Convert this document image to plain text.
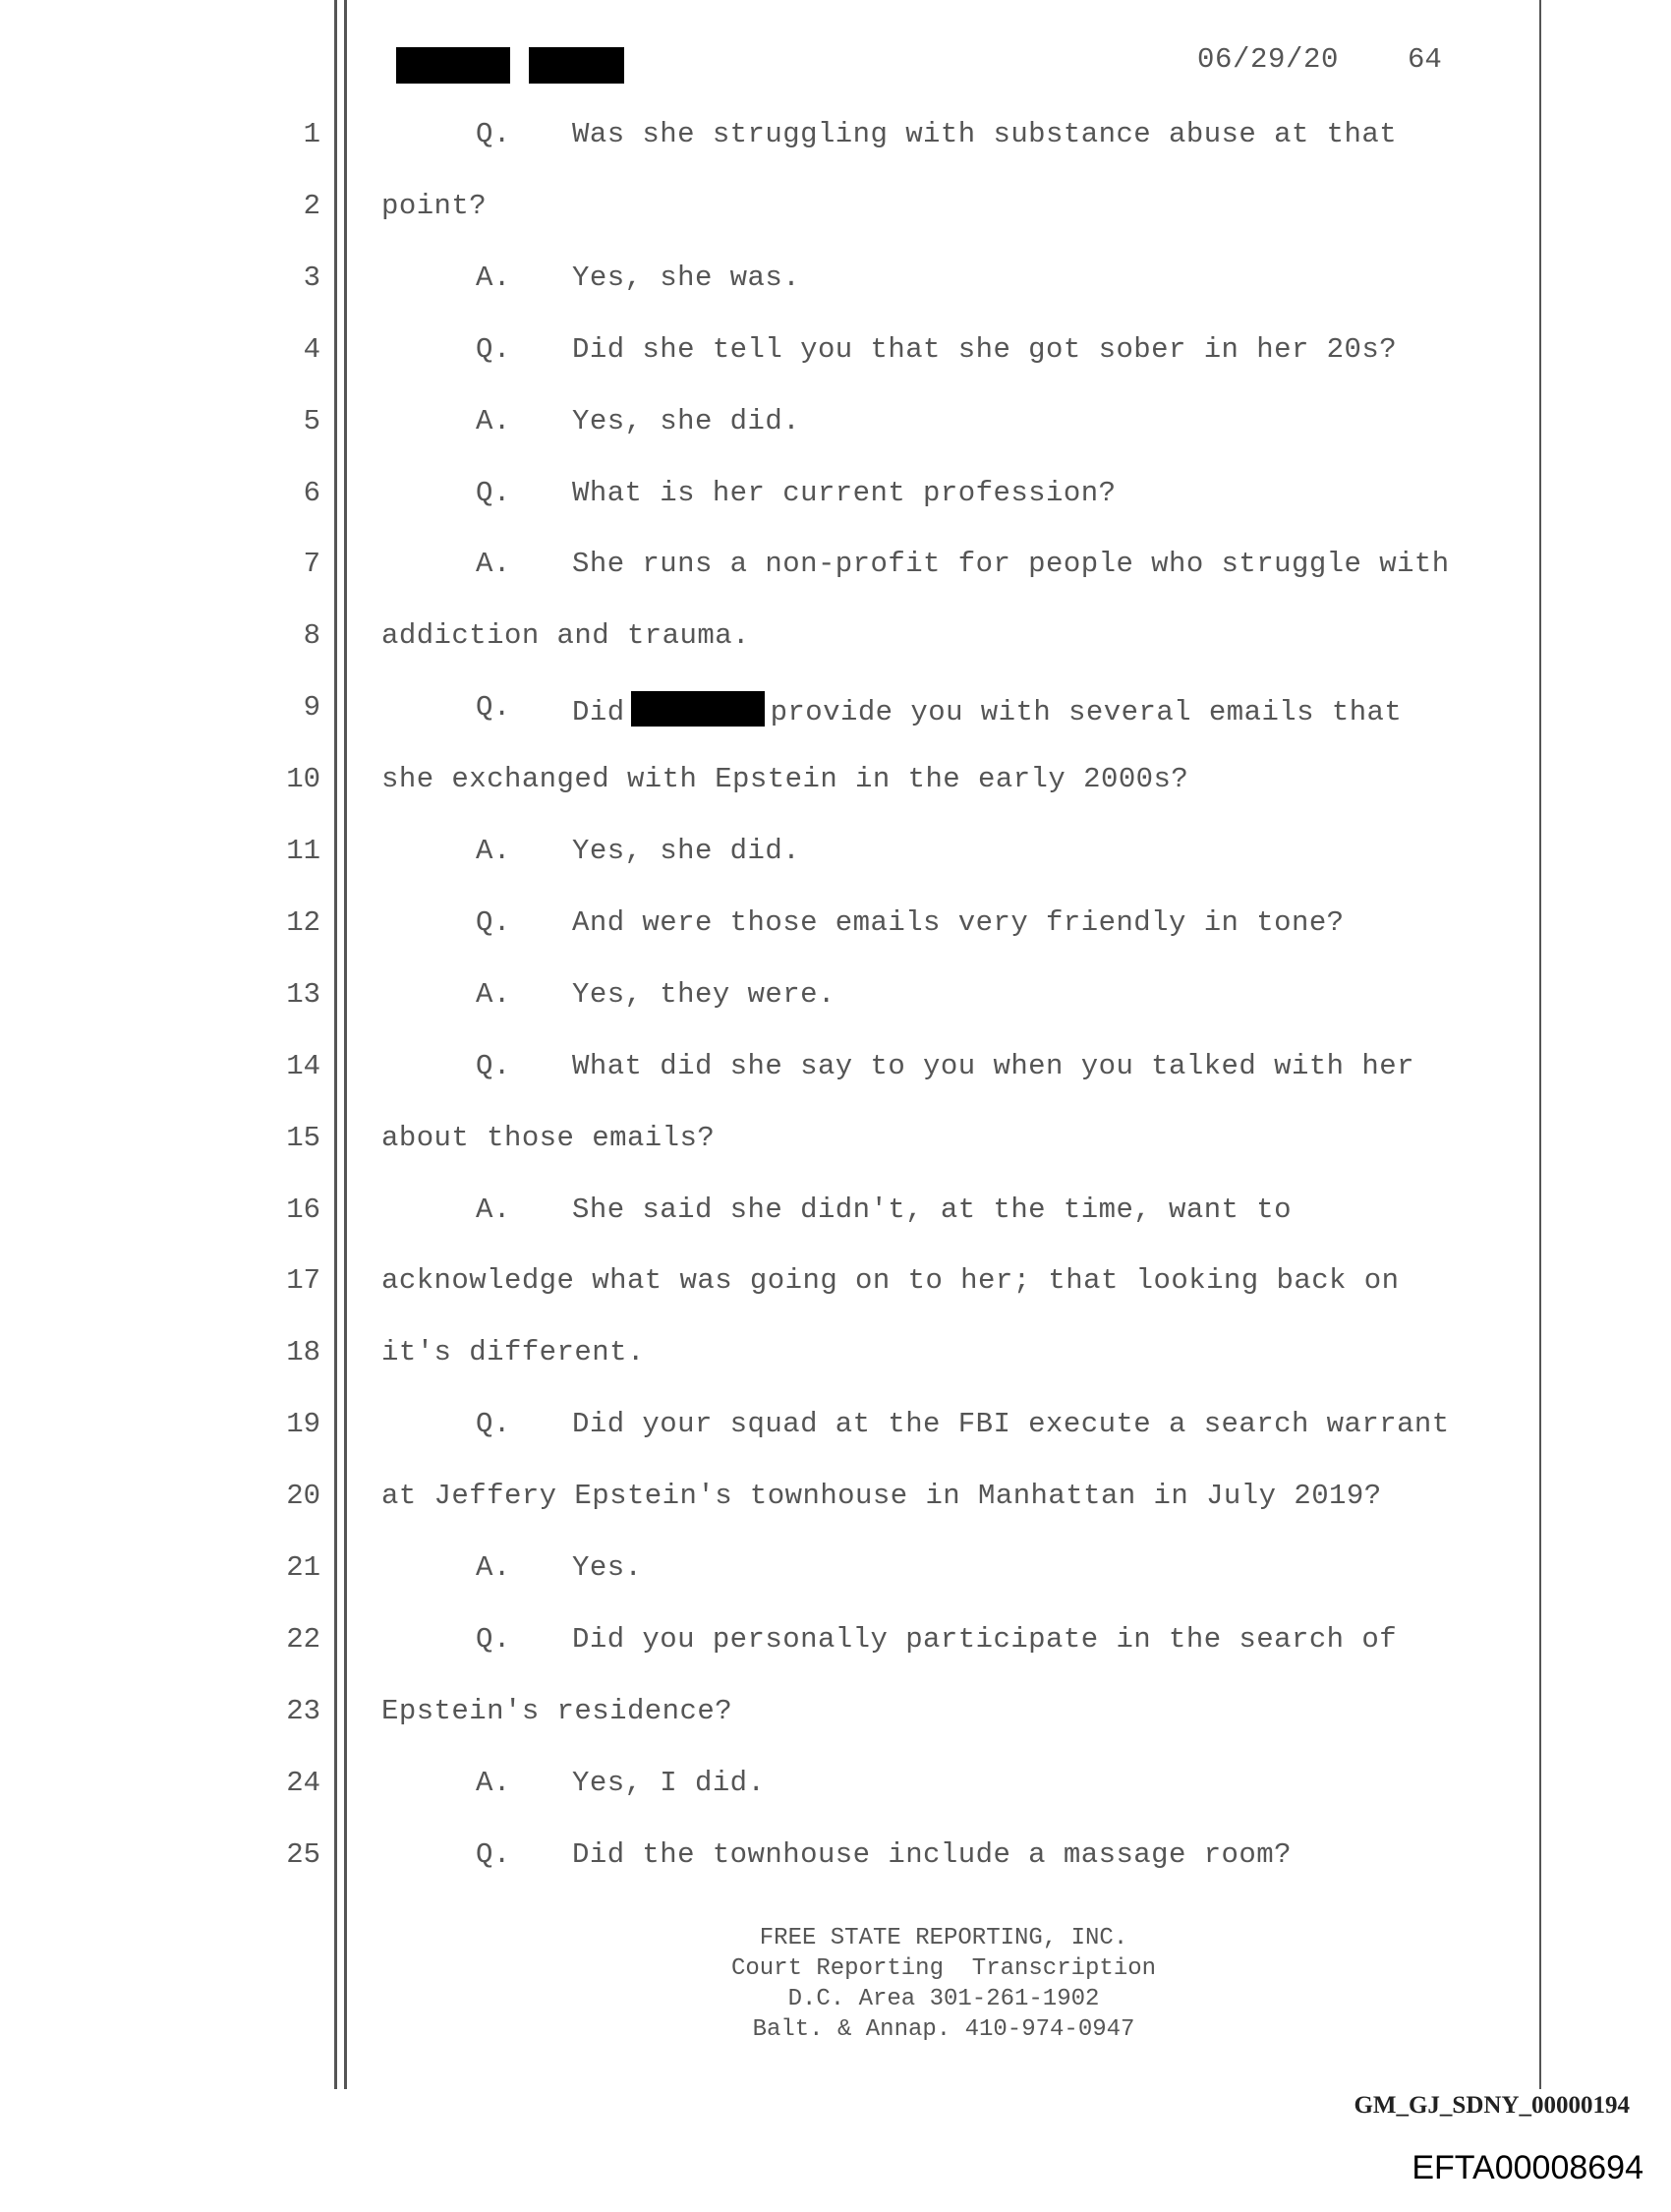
06/29/20 64
1	Q. Was she struggling with substance abuse at that
2 point?
3	A. Yes, she was.
4	Q. Did she tell you that she got sober in her 20s?
5	A. Yes, she did.
6	Q. What is her current profession?
7	A. She runs a non-profit for people who struggle with
8 addiction and trauma.
9	Q. Did	provide you with several emails that
10 she exchanged with Epstein in the early 2000s?
11	A. Yes, she did.
12	Q. And were those emails very friendly in tone?
13	A. Yes, they were.
14	Q. What did she say to you when you talked with her
15 about those emails?
16	A. She said she didn't, at the time, want to
17 acknowledge what was going on to her; that looking back on
18 it's different.
19	Q. Did your squad at the FBI execute a search warrant
20 at Jeffery Epstein's townhouse in Manhattan in July 2019?
21	A. Yes.
22	Q. Did you personally participate in the search of
23 Epstein's residence?
24	A. Yes, I did.
25	Q. Did the townhouse include a massage room?
FREE STATE REPORTING, INC.
Court Reporting  Transcription
D.C. Area 301-261-1902
Balt. & Annap. 410-974-0947
GM_GJ_SDNY_00000194
EFTA00008694
